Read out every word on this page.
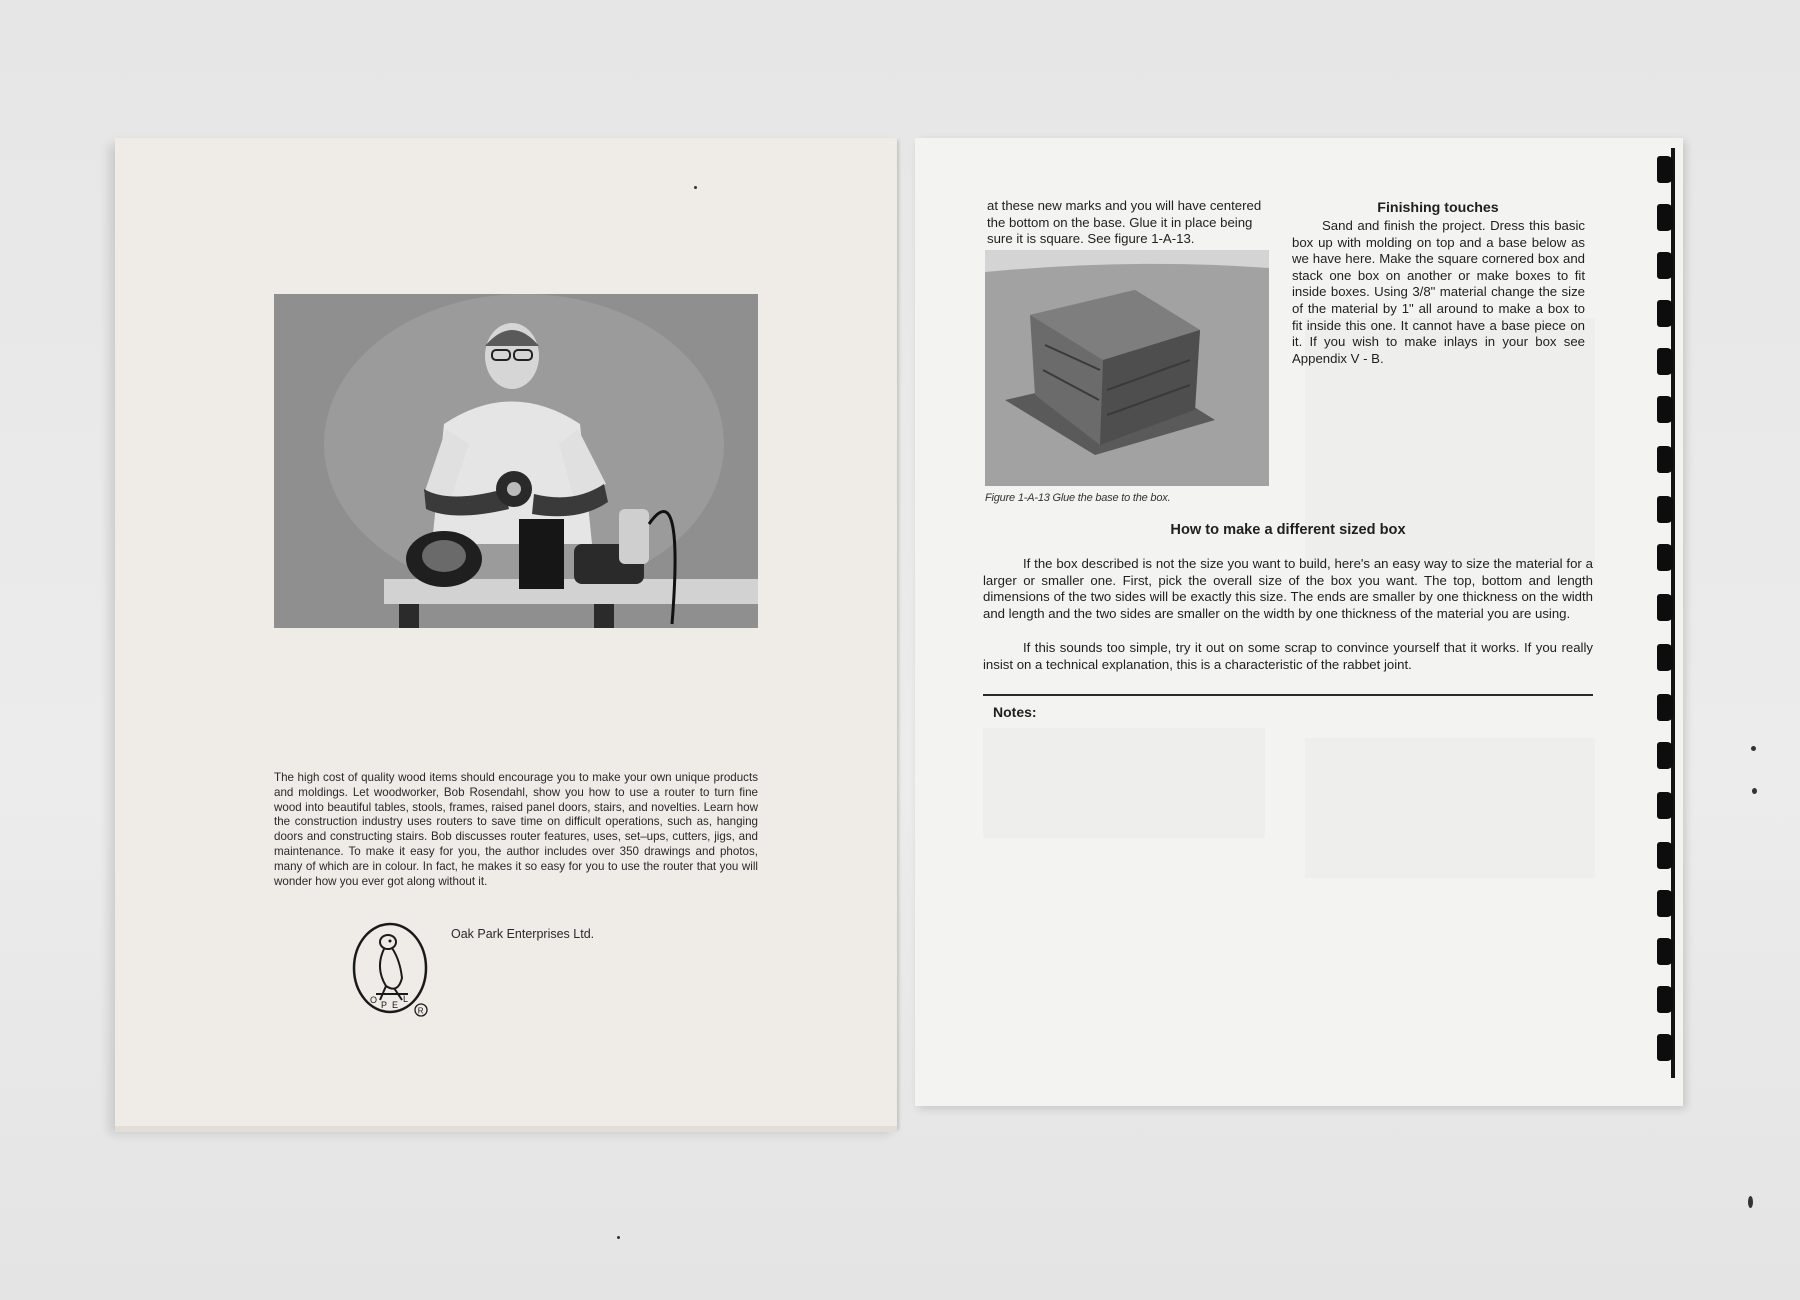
The high cost of quality wood items should encourage you to make your own unique products and moldings. Let woodworker, Bob Rosendahl, show you how to use a router to turn fine wood into beautiful tables, stools, frames, raised panel doors, stairs, and novelties. Learn how the construction industry uses routers to save time on difficult operations, such as, hanging doors and constructing stairs. Bob discusses router features, uses, set–ups, cutters, jigs, and maintenance. To make it easy for you, the author includes over 350 drawings and photos, many of which are in colour. In fact, he makes it so easy for you to use the router that you will wonder how you ever got along without it.

O P E
L
R

Oak Park Enterprises Ltd.

at these new marks and you will have centered the bottom on the base. Glue it in place being sure it is square. See figure 1-A-13.

Figure 1-A-13 Glue the base to the box.

Finishing touches

Sand and finish the project. Dress this basic box up with molding on top and a base below as we have here. Make the square cornered box and stack one box on another or make boxes to fit inside boxes. Using 3/8" material change the size of the material by 1" all around to make a box to fit inside this one. It cannot have a base piece on it. If you wish to make inlays in your box see Appendix V - B.

How to make a different sized box

If the box described is not the size you want to build, here's an easy way to size the material for a larger or smaller one. First, pick the overall size of the box you want. The top, bottom and length dimensions of the two sides will be exactly this size. The ends are smaller by one thickness on the width and length and the two sides are smaller on the width by one thickness of the material you are using.

If this sounds too simple, try it out on some scrap to convince yourself that it works. If you really insist on a technical explanation, this is a characteristic of the rabbet joint.

Notes:
